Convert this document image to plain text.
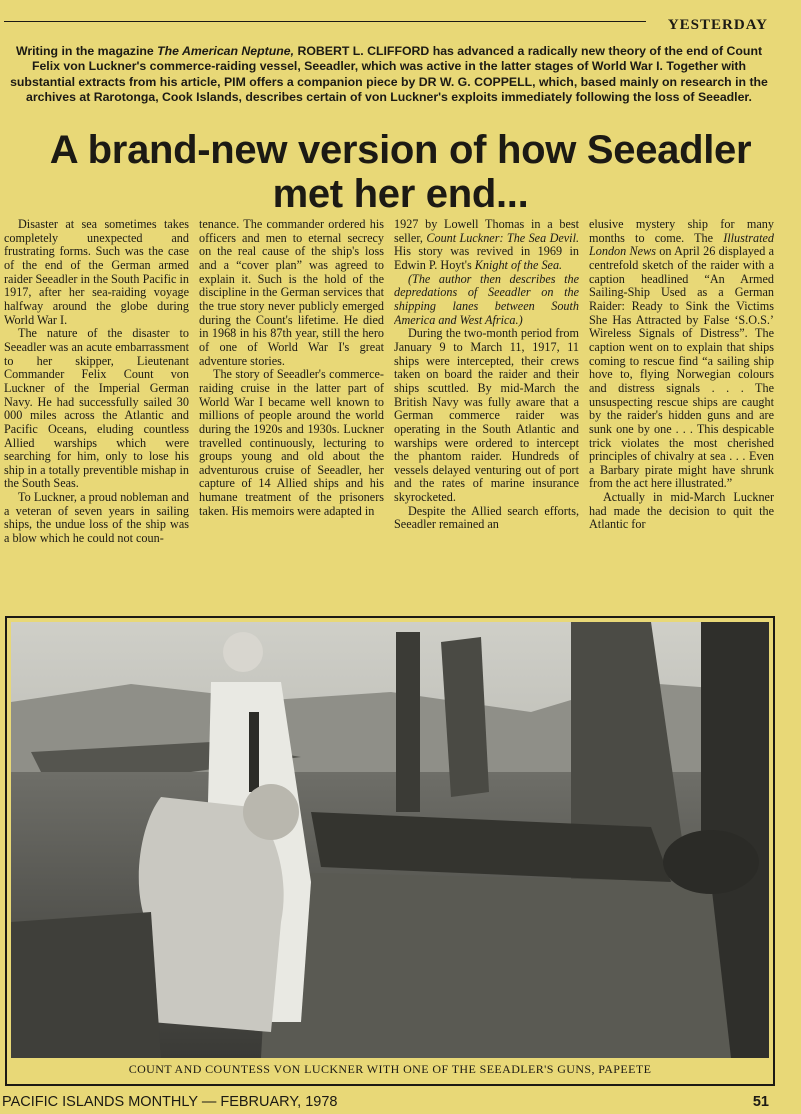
YESTERDAY
Writing in the magazine The American Neptune, ROBERT L. CLIFFORD has advanced a radically new theory of the end of Count Felix von Luckner's commerce-raiding vessel, Seeadler, which was active in the latter stages of World War I. Together with substantial extracts from his article, PIM offers a companion piece by DR W. G. COPPELL, which, based mainly on research in the archives at Rarotonga, Cook Islands, describes certain of von Luckner's exploits immediately following the loss of Seeadler.
A brand-new version of how Seeadler
met her end...

Disaster at sea sometimes takes completely unexpected and frustrating forms. Such was the case of the end of the German armed raider Seeadler in the South Pacific in 1917, after her sea-raiding voyage halfway around the globe during World War I.

The nature of the disaster to Seeadler was an acute embarrassment to her skipper, Lieutenant Commander Felix Count von Luckner of the Imperial German Navy. He had successfully sailed 30 000 miles across the Atlantic and Pacific Oceans, eluding countless Allied warships which were searching for him, only to lose his ship in a totally preventible mishap in the South Seas.

To Luckner, a proud nobleman and a veteran of seven years in sailing ships, the undue loss of the ship was a blow which he could not coun-

tenance. The commander ordered his officers and men to eternal secrecy on the real cause of the ship's loss and a “cover plan” was agreed to explain it. Such is the hold of the discipline in the German services that the true story never publicly emerged during the Count's lifetime. He died in 1968 in his 87th year, still the hero of one of World War I's great adventure stories.

The story of Seeadler's commerce-raiding cruise in the latter part of World War I became well known to millions of people around the world during the 1920s and 1930s. Luckner travelled continuously, lecturing to groups young and old about the adventurous cruise of Seeadler, her capture of 14 Allied ships and his humane treatment of the prisoners taken. His memoirs were adapted in

1927 by Lowell Thomas in a best seller, Count Luckner: The Sea Devil. His story was revived in 1969 in Edwin P. Hoyt's Knight of the Sea.

(The author then describes the depredations of Seeadler on the shipping lanes between South America and West Africa.)

During the two-month period from January 9 to March 11, 1917, 11 ships were intercepted, their crews taken on board the raider and their ships scuttled. By mid-March the British Navy was fully aware that a German commerce raider was operating in the South Atlantic and warships were ordered to intercept the phantom raider. Hundreds of vessels delayed venturing out of port and the rates of marine insurance skyrocketed.

Despite the Allied search efforts, Seeadler remained an

elusive mystery ship for many months to come. The Illustrated London News on April 26 displayed a centrefold sketch of the raider with a caption headlined “An Armed Sailing-Ship Used as a German Raider: Ready to Sink the Victims She Has Attracted by False ‘S.O.S.’ Wireless Signals of Distress”. The caption went on to explain that ships coming to rescue find “a sailing ship hove to, flying Norwegian colours and distress signals . . . The unsuspecting rescue ships are caught by the raider's hidden guns and are sunk one by one . . . This despicable trick violates the most cherished principles of chivalry at sea . . . Even a Barbary pirate might have shrunk from the act here illustrated.”

Actually in mid-March Luckner had made the decision to quit the Atlantic for

COUNT AND COUNTESS VON LUCKNER WITH ONE OF THE SEEADLER'S GUNS, PAPEETE
PACIFIC ISLANDS MONTHLY — FEBRUARY, 1978	51
